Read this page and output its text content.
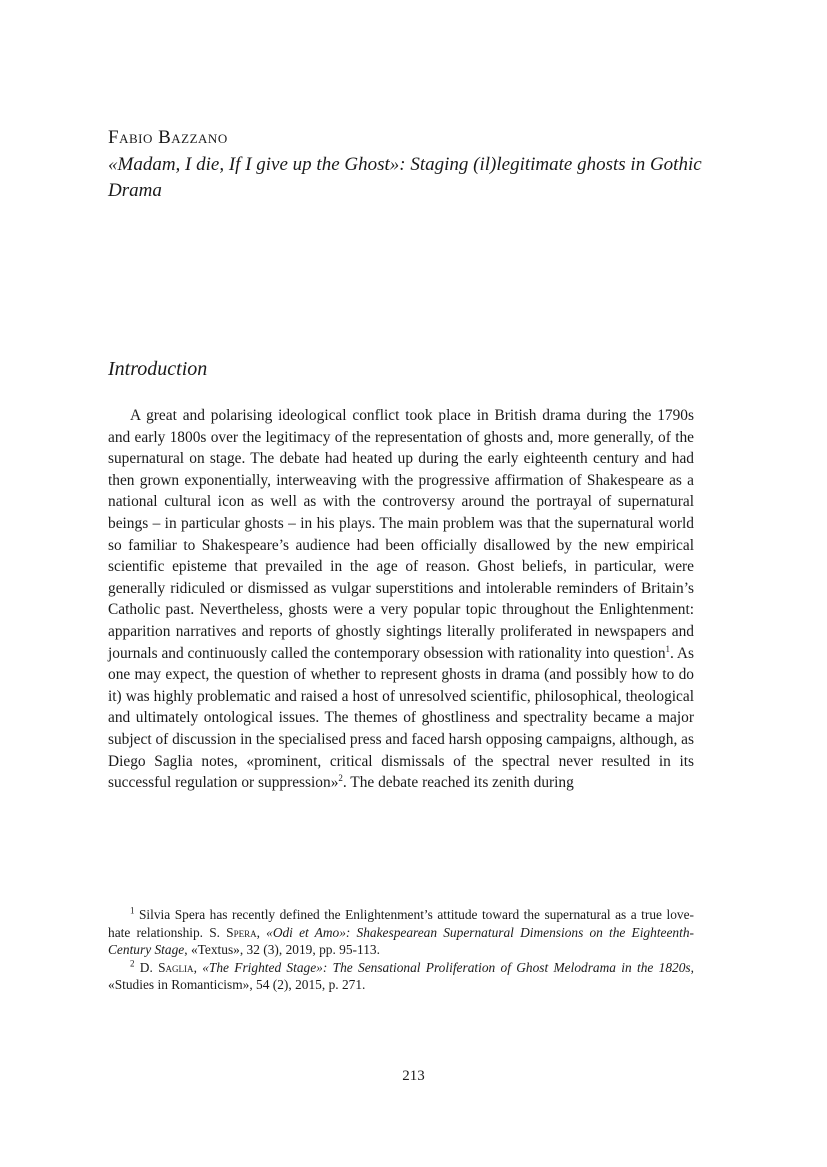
Fabio Bazzano
«Madam, I die, If I give up the Ghost»: Staging (il)legitimate ghosts in Gothic Drama
Introduction

A great and polarising ideological conflict took place in British drama during the 1790s and early 1800s over the legitimacy of the representation of ghosts and, more generally, of the supernatural on stage. The debate had heated up during the early eighteenth century and had then grown exponentially, interweaving with the progressive affirmation of Shakespeare as a national cultural icon as well as with the controversy around the portrayal of supernatural beings – in particular ghosts – in his plays. The main problem was that the supernatural world so familiar to Shakespeare’s audience had been officially disallowed by the new empirical scientific episteme that prevailed in the age of reason. Ghost beliefs, in particular, were generally ridiculed or dismissed as vulgar superstitions and intolerable reminders of Britain’s Catholic past. Nevertheless, ghosts were a very popular topic throughout the Enlightenment: apparition narratives and reports of ghostly sightings literally proliferated in newspapers and journals and continuously called the contemporary obsession with rationality into question$^1$. As one may expect, the question of whether to represent ghosts in drama (and possibly how to do it) was highly problematic and raised a host of unresolved scientific, philosophical, theological and ultimately ontological issues. The themes of ghostliness and spectrality became a major subject of discussion in the specialised press and faced harsh opposing campaigns, although, as Diego Saglia notes, «prominent, critical dismissals of the spectral never resulted in its successful regulation or suppression»$^2$. The debate reached its zenith during

$^1$ Silvia Spera has recently defined the Enlightenment’s attitude toward the supernatural as a true love-hate relationship. S. Spera, «Odi et Amo»: Shakespearean Supernatural Dimensions on the Eighteenth-Century Stage, «Textus», 32 (3), 2019, pp. 95-113.

$^2$ D. Saglia, «The Frighted Stage»: The Sensational Proliferation of Ghost Melodrama in the 1820s, «Studies in Romanticism», 54 (2), 2015, p. 271.

213
